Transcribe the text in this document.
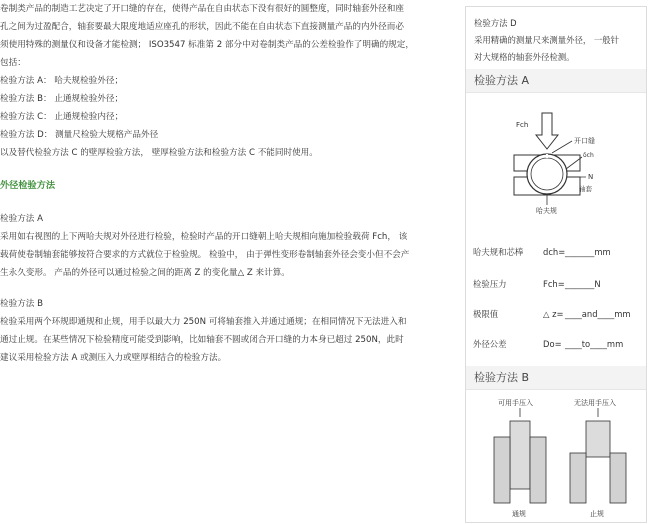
卷制类产品的制造工艺决定了开口缝的存在，使得产品在自由状态下没有很好的圆整度，同时轴套外径和座

孔之间为过盈配合，轴套要最大限度地适应座孔的形状，因此不能在自由状态下直接测量产品的内外径而必

须使用特殊的测量仪和设备才能检测； ISO3547 标准第 2 部分中对卷制类产品的公差检验作了明确的规定，

包括：

检验方法 A： 哈夫规检验外径；

检验方法 B： 止通规检验外径；

检验方法 C： 止通规检验内径；

检验方法 D： 测量尺检验大规格产品外径

以及替代检验方法 C 的壁厚检验方法， 壁厚检验方法和检验方法 C 不能同时使用。

外径检验方法

检验方法 A

采用如右视图的上下两哈夫规对外径进行检验，检验时产品的开口缝朝上哈夫规相向施加检验载荷 Fch， 该

载荷使卷制轴套能够按符合要求的方式就位于检验规。 检验中， 由于弹性变形卷制轴套外径会变小但不会产

生永久变形。 产品的外径可以通过检验之间的距离 Z 的变化量△ Z 来计算。

检验方法 B

检验采用两个环规即通规和止规，用手以最大力 250N 可将轴套推入并通过通规；在相同情况下无法进入和

通过止规。在某些情况下检验精度可能受到影响，比如轴套不圆或闭合开口缝的力本身已超过 250N，此时

建议采用检验方法 A 或测压入力或壁厚相结合的检验方法。

检验方法 D
采用精确的测量尺来测量外径， 一般针
对大规格的轴套外径检测。
检验方法 A
Fch
开口缝
δch
N
轴套
哈夫规
哈夫规和芯棒 dch=_______mm
检验压力	Fch=_______N
极限值	△ z=____and____mm
外径公差	Do= ____to____mm
检验方法 B
可用手压入	无法用手压入
通规	止规
